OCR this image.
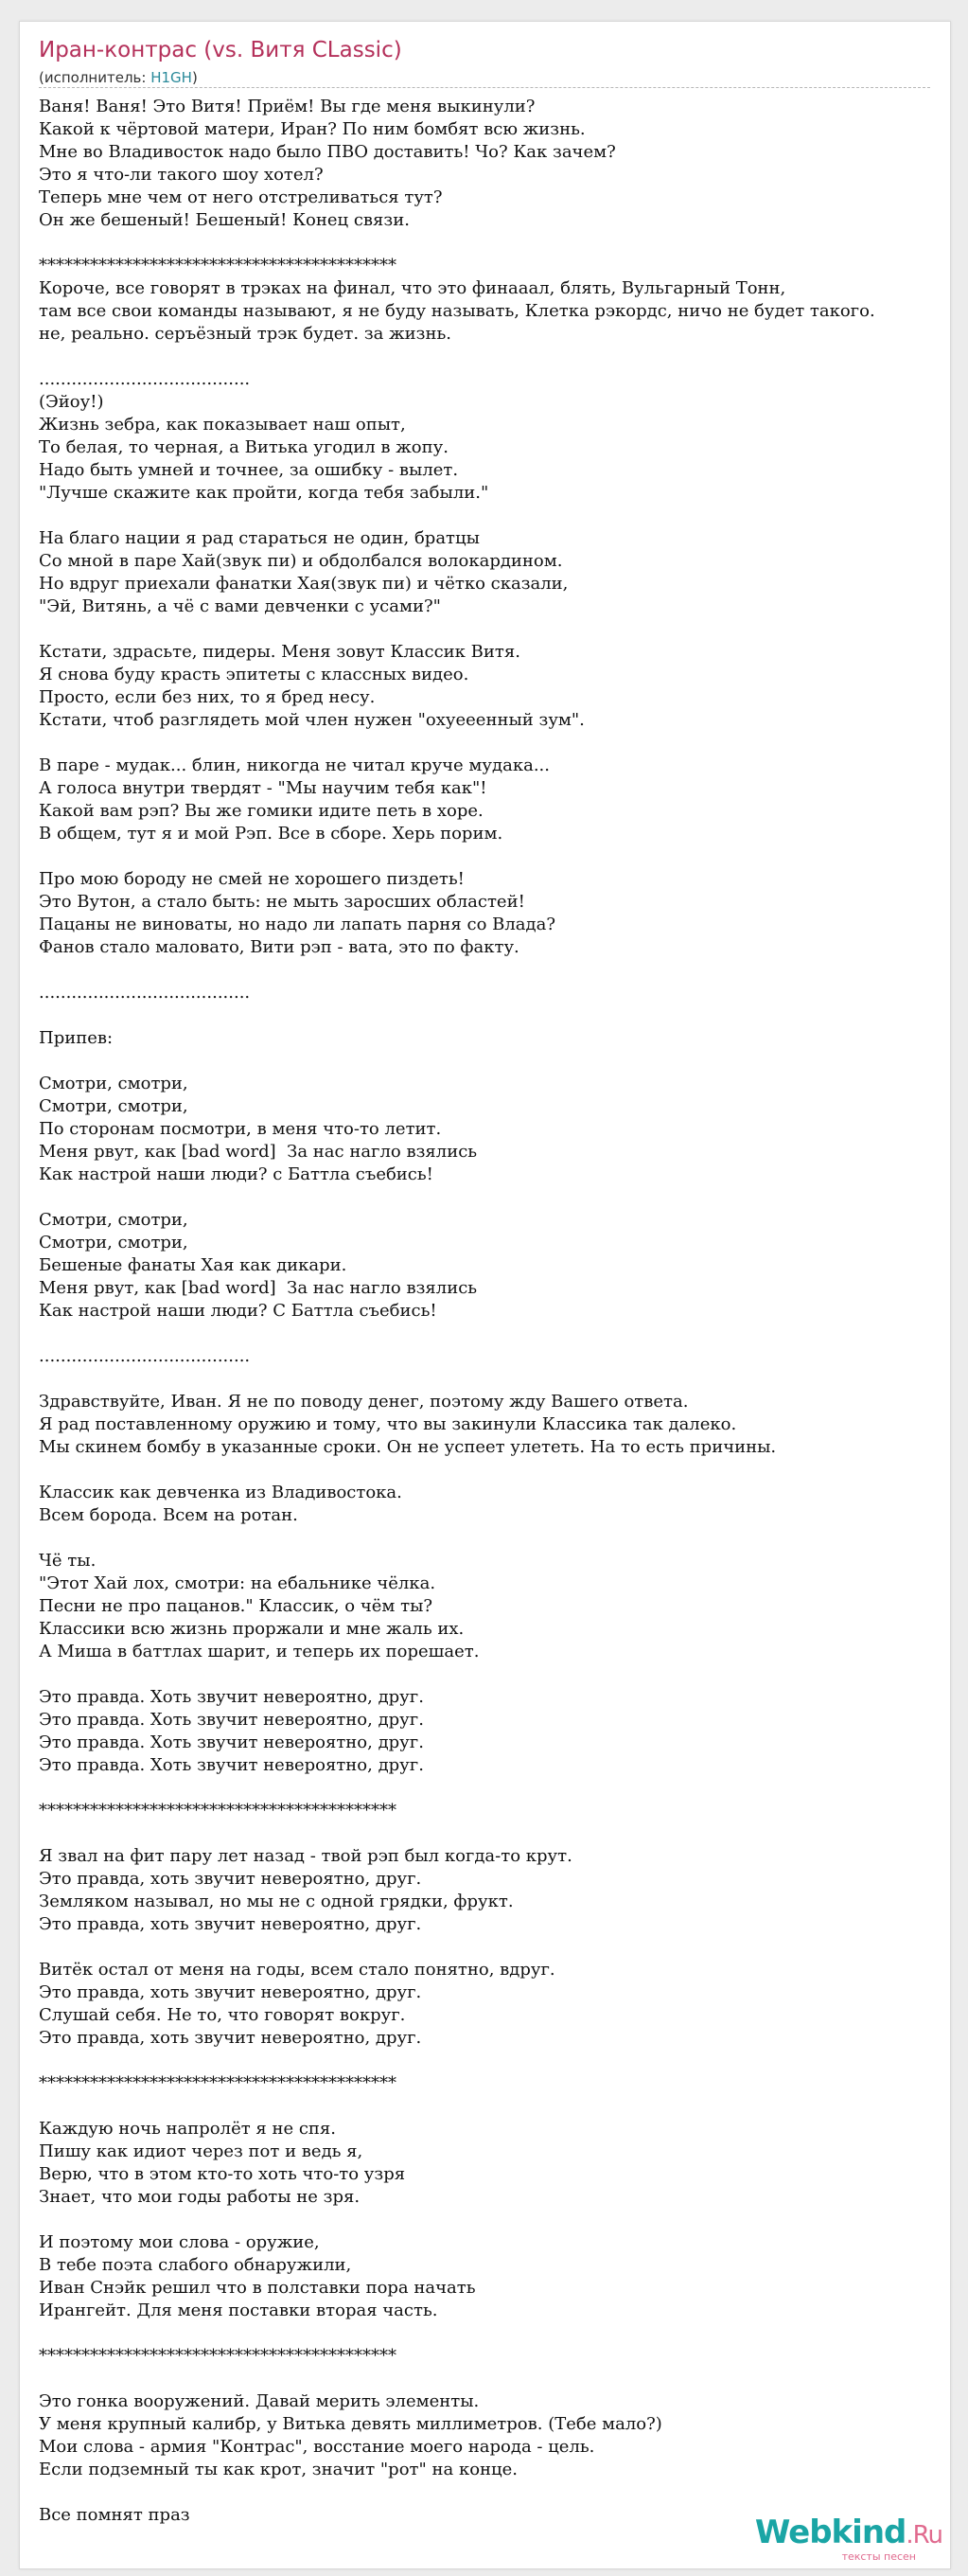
Иран-контрас (vs. Витя CLassic)
(исполнитель: H1GH)
Ваня! Ваня! Это Витя! Приём! Вы где меня выкинули?
Какой к чёртовой матери, Иран? По ним бомбят всю жизнь.
Мне во Владивосток надо было ПВО доставить! Чо? Как зачем?
Это я что-ли такого шоу хотел?
Теперь мне чем от него отстреливаться тут?
Он же бешеный! Бешеный! Конец связи.

******************************************
Короче, все говорят в трэках на финал, что это финааал, блять, Вульгарный Тонн,
там все свои команды называют, я не буду называть, Клетка рэкордс, ничо не будет такого.
не, реально. серъёзный трэк будет. за жизнь.

.......................................
(Эйоу!)
Жизнь зебра, как показывает наш опыт,
То белая, то черная, а Витька угодил в жопу.
Надо быть умней и точнее, за ошибку - вылет.
"Лучше скажите как пройти, когда тебя забыли."

На благо нации я рад стараться не один, братцы
Со мной в паре Хай(звук пи) и обдолбался волокардином.
Но вдруг приехали фанатки Хая(звук пи) и чётко сказали,
"Эй, Витянь, а чё с вами девченки с усами?"

Кстати, здрасьте, пидеры. Меня зовут Классик Витя.
Я снова буду красть эпитеты с классных видео.
Просто, если без них, то я бред несу.
Кстати, чтоб разглядеть мой член нужен "охуееенный зум".

В паре - мудак... блин, никогда не читал круче мудака...
А голоса внутри твердят - "Мы научим тебя как"!
Какой вам рэп? Вы же гомики идите петь в хоре.
В общем, тут я и мой Рэп. Все в сборе. Херь порим.

Про мою бороду не смей не хорошего пиздеть!
Это Вутон, а стало быть: не мыть заросших областей!
Пацаны не виноваты, но надо ли лапать парня со Влада?
Фанов стало маловато, Вити рэп - вата, это по факту.

.......................................

Припев:

Смотри, смотри,
Смотри, смотри,
По сторонам посмотри, в меня что-то летит.
Меня рвут, как [bad word]  За нас нагло взялись
Как настрой наши люди? с Баттла съебись!

Смотри, смотри,
Смотри, смотри,
Бешеные фанаты Хая как дикари.
Меня рвут, как [bad word]  За нас нагло взялись
Как настрой наши люди? С Баттла съебись!

.......................................

Здравствуйте, Иван. Я не по поводу денег, поэтому жду Вашего ответа.
Я рад поставленному оружию и тому, что вы закинули Классика так далеко.
Мы скинем бомбу в указанные сроки. Он не успеет улететь. На то есть причины.

Классик как девченка из Владивостока.
Всем борода. Всем на ротан.

Чё ты.
"Этот Хай лох, смотри: на ебальнике чёлка.
Песни не про пацанов." Классик, о чём ты?
Классики всю жизнь проржали и мне жаль их.
А Миша в баттлах шарит, и теперь их порешает.

Это правда. Хоть звучит невероятно, друг.
Это правда. Хоть звучит невероятно, друг.
Это правда. Хоть звучит невероятно, друг.
Это правда. Хоть звучит невероятно, друг.

******************************************

Я звал на фит пару лет назад - твой рэп был когда-то крут.
Это правда, хоть звучит невероятно, друг.
Земляком называл, но мы не с одной грядки, фрукт.
Это правда, хоть звучит невероятно, друг.

Витёк остал от меня на годы, всем стало понятно, вдруг.
Это правда, хоть звучит невероятно, друг.
Слушай себя. Не то, что говорят вокруг.
Это правда, хоть звучит невероятно, друг.

******************************************

Каждую ночь напролёт я не спя.
Пишу как идиот через пот и ведь я,
Верю, что в этом кто-то хоть что-то узря
Знает, что мои годы работы не зря.

И поэтому мои слова - оружие,
В тебе поэта слабого обнаружили,
Иван Снэйк решил что в полставки пора начать
Ирангейт. Для меня поставки вторая часть.

******************************************

Это гонка вооружений. Давай мерить элементы.
У меня крупный калибр, у Витька девять миллиметров. (Тебе мало?)
Мои слова - армия "Контрас", восстание моего народа - цель.
Если подземный ты как крот, значит "рот" на конце.

Все помнят праз	Webkind.Ru
тексты песен
